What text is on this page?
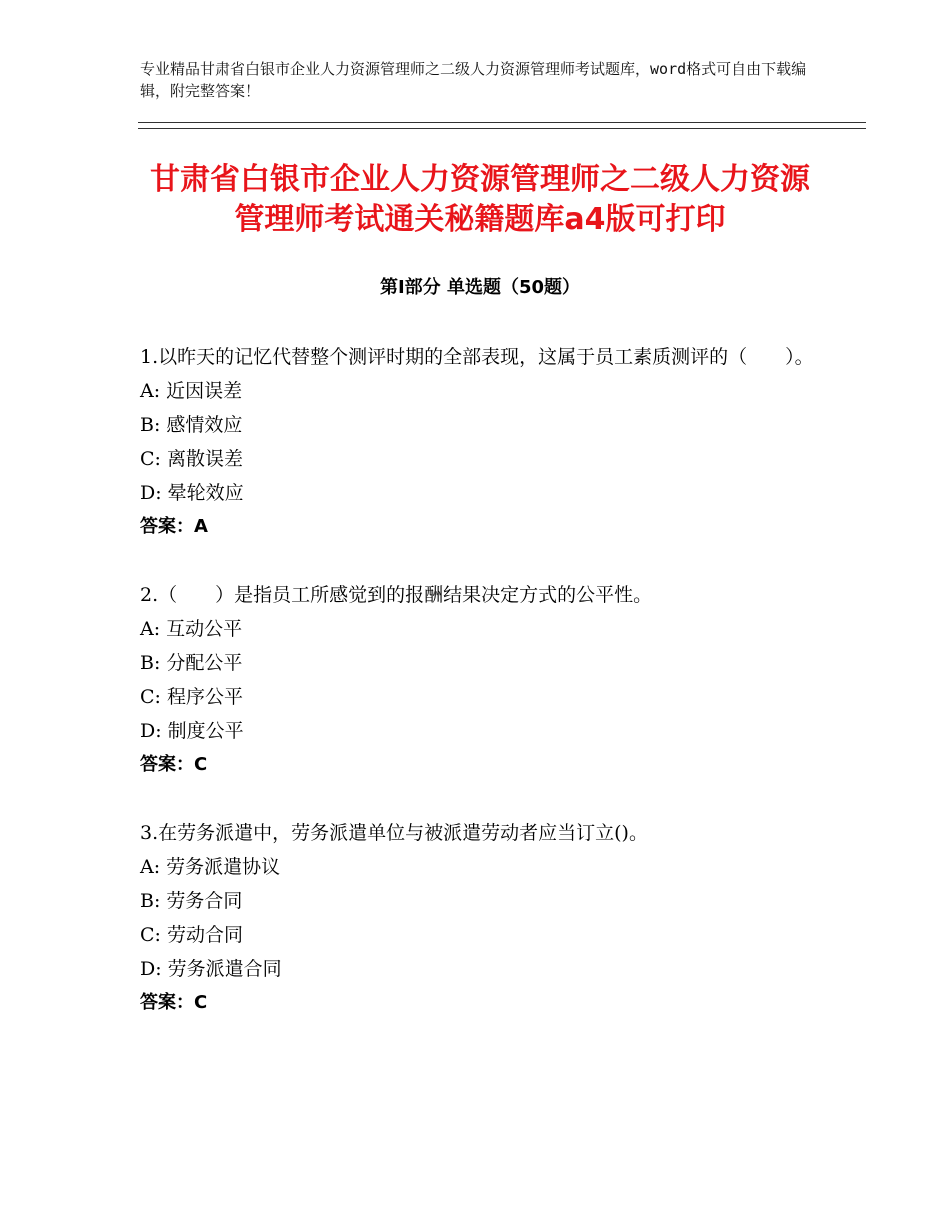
专业精品甘肃省白银市企业人力资源管理师之二级人力资源管理师考试题库，word格式可自由下载编辑，附完整答案！
甘肃省白银市企业人力资源管理师之二级人力资源管理师考试通关秘籍题库a4版可打印
第Ⅰ部分 单选题（50题）

1.以昨天的记忆代替整个测评时期的全部表现，这属于员工素质测评的（　　）。

A: 近因误差

B: 感情效应

C: 离散误差

D: 晕轮效应

答案：A

2.（　　）是指员工所感觉到的报酬结果决定方式的公平性。

A: 互动公平

B: 分配公平

C: 程序公平

D: 制度公平

答案：C

3.在劳务派遣中，劳务派遣单位与被派遣劳动者应当订立()。

A: 劳务派遣协议

B: 劳务合同

C: 劳动合同

D: 劳务派遣合同

答案：C
